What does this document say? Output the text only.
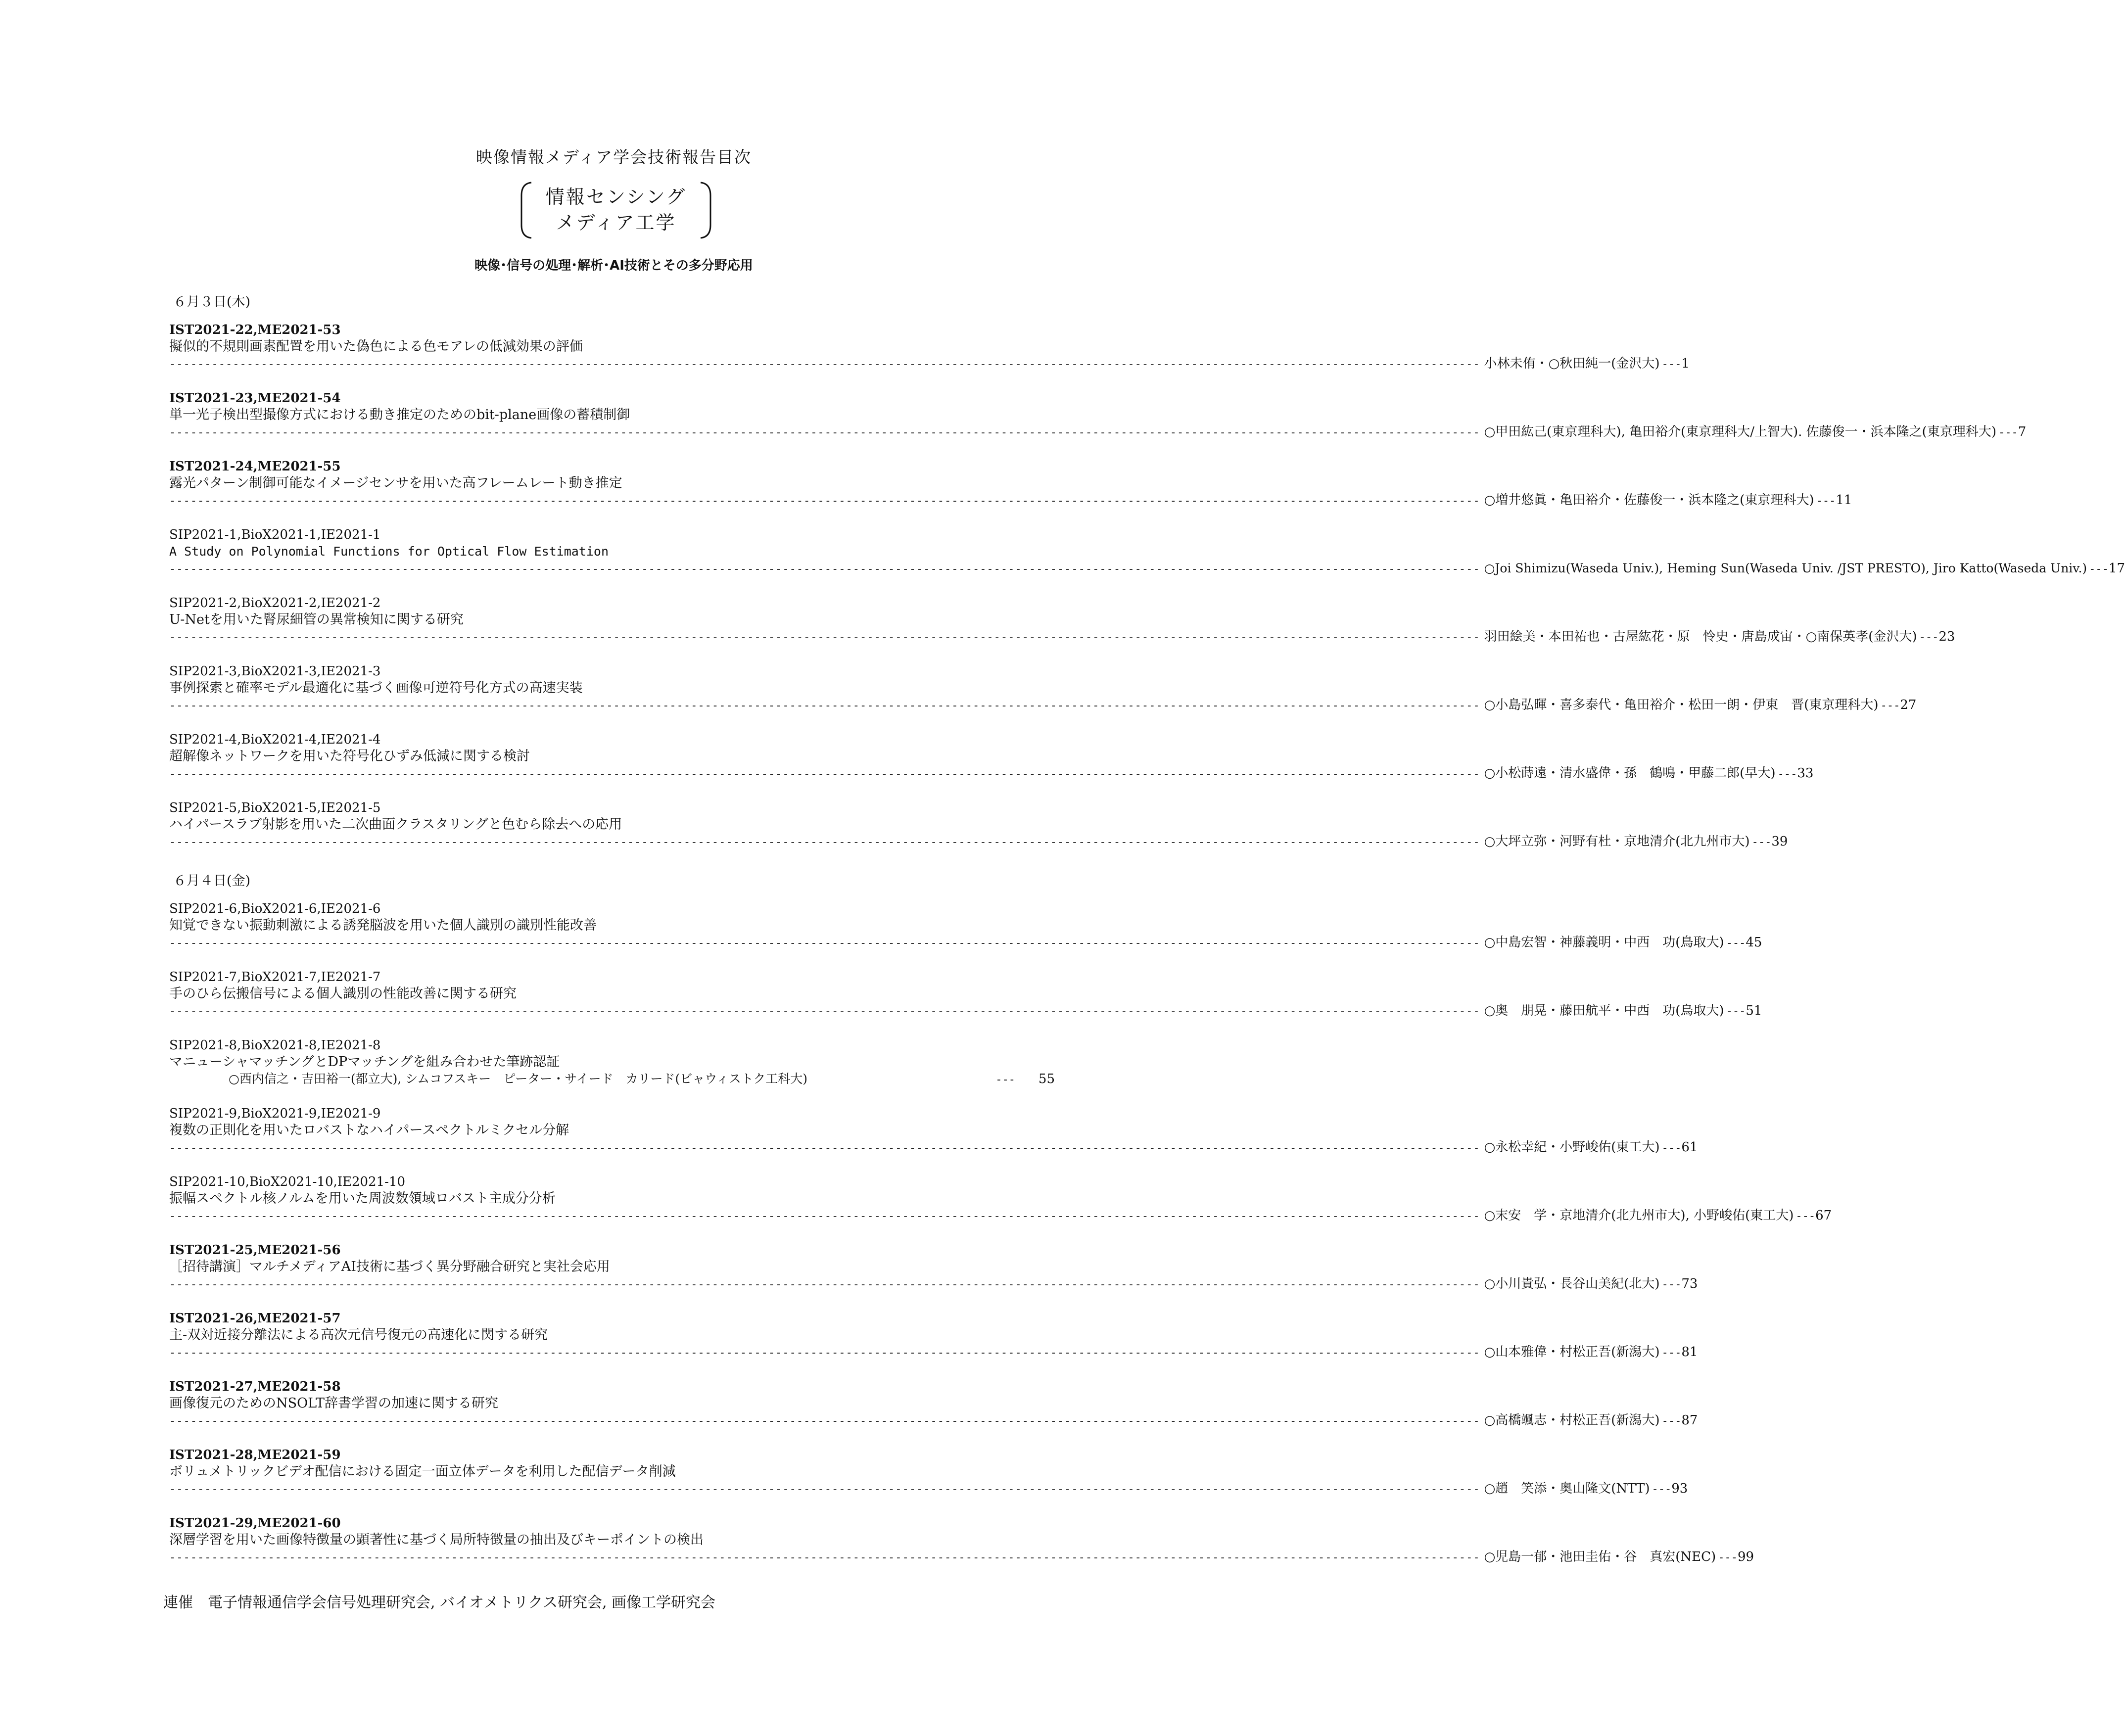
映像情報メディア学会技術報告目次
情報センシング
メディア工学
映像･信号の処理･解析･AI技術とその多分野応用
６月３日(木)
６月４日(金)
IST2021-22,ME2021-53
擬似的不規則画素配置を用いた偽色による色モアレの低減効果の評価
------------------------------------------------------------------------------------------------------------------------------------------------------------------------------------------ 小林未侑・○秋田純一(金沢大) --- 1
IST2021-23,ME2021-54
単一光子検出型撮像方式における動き推定のためのbit-plane画像の蓄積制御
------------------------------------------------------------------------------------------------------------------------------------------------------------------------------------------ ○甲田紘己(東京理科大), 亀田裕介(東京理科大/上智大). 佐藤俊一・浜本隆之(東京理科大) --- 7
IST2021-24,ME2021-55
露光パターン制御可能なイメージセンサを用いた高フレームレート動き推定
------------------------------------------------------------------------------------------------------------------------------------------------------------------------------------------ ○増井悠眞・亀田裕介・佐藤俊一・浜本隆之(東京理科大) --- 11
SIP2021-1,BioX2021-1,IE2021-1
A Study on Polynomial Functions for Optical Flow Estimation
------------------------------------------------------------------------------------------------------------------------------------------------------------------------------------------ ○Joi Shimizu(Waseda Univ.), Heming Sun(Waseda Univ. /JST PRESTO), Jiro Katto(Waseda Univ.) --- 17
SIP2021-2,BioX2021-2,IE2021-2
U-Netを用いた腎尿細管の異常検知に関する研究
------------------------------------------------------------------------------------------------------------------------------------------------------------------------------------------ 羽田絵美・本田祐也・古屋紘花・原　怜史・唐島成宙・○南保英孝(金沢大) --- 23
SIP2021-3,BioX2021-3,IE2021-3
事例探索と確率モデル最適化に基づく画像可逆符号化方式の高速実装
------------------------------------------------------------------------------------------------------------------------------------------------------------------------------------------ ○小島弘暉・喜多泰代・亀田裕介・松田一朗・伊東　晋(東京理科大) --- 27
SIP2021-4,BioX2021-4,IE2021-4
超解像ネットワークを用いた符号化ひずみ低減に関する検討
------------------------------------------------------------------------------------------------------------------------------------------------------------------------------------------ ○小松蒔遠・清水盛偉・孫　鶴鳴・甲藤二郎(早大) --- 33
SIP2021-5,BioX2021-5,IE2021-5
ハイパースラブ射影を用いた二次曲面クラスタリングと色むら除去への応用
------------------------------------------------------------------------------------------------------------------------------------------------------------------------------------------ ○大坪立弥・河野有杜・京地清介(北九州市大) --- 39
SIP2021-6,BioX2021-6,IE2021-6
知覚できない振動刺激による誘発脳波を用いた個人識別の識別性能改善
------------------------------------------------------------------------------------------------------------------------------------------------------------------------------------------ ○中島宏智・神藤義明・中西　功(鳥取大) --- 45
SIP2021-7,BioX2021-7,IE2021-7
手のひら伝搬信号による個人識別の性能改善に関する研究
------------------------------------------------------------------------------------------------------------------------------------------------------------------------------------------ ○奥　朋晃・藤田航平・中西　功(鳥取大) --- 51
SIP2021-8,BioX2021-8,IE2021-8
マニューシャマッチングとDPマッチングを組み合わせた筆跡認証
○西内信之・吉田裕一(都立大), シムコフスキー　ピーター・サイード　カリード(ビャウィストク工科大)	---	55
SIP2021-9,BioX2021-9,IE2021-9
複数の正則化を用いたロバストなハイパースペクトルミクセル分解
------------------------------------------------------------------------------------------------------------------------------------------------------------------------------------------ ○永松幸紀・小野峻佑(東工大) --- 61
SIP2021-10,BioX2021-10,IE2021-10
振幅スペクトル核ノルムを用いた周波数領域ロバスト主成分分析
------------------------------------------------------------------------------------------------------------------------------------------------------------------------------------------ ○末安　学・京地清介(北九州市大), 小野峻佑(東工大) --- 67
IST2021-25,ME2021-56
［招待講演］マルチメディアAI技術に基づく異分野融合研究と実社会応用
------------------------------------------------------------------------------------------------------------------------------------------------------------------------------------------ ○小川貴弘・長谷山美紀(北大) --- 73
IST2021-26,ME2021-57
主-双対近接分離法による高次元信号復元の高速化に関する研究
------------------------------------------------------------------------------------------------------------------------------------------------------------------------------------------ ○山本雅偉・村松正吾(新潟大) --- 81
IST2021-27,ME2021-58
画像復元のためのNSOLT辞書学習の加速に関する研究
------------------------------------------------------------------------------------------------------------------------------------------------------------------------------------------ ○高橋颯志・村松正吾(新潟大) --- 87
IST2021-28,ME2021-59
ボリュメトリックビデオ配信における固定一面立体データを利用した配信データ削減
------------------------------------------------------------------------------------------------------------------------------------------------------------------------------------------ ○趙　笑添・奥山隆文(NTT) --- 93
IST2021-29,ME2021-60
深層学習を用いた画像特徴量の顕著性に基づく局所特徴量の抽出及びキーポイントの検出
------------------------------------------------------------------------------------------------------------------------------------------------------------------------------------------ ○児島一郁・池田圭佑・谷　真宏(NEC) --- 99
連催　電子情報通信学会信号処理研究会, バイオメトリクス研究会, 画像工学研究会
